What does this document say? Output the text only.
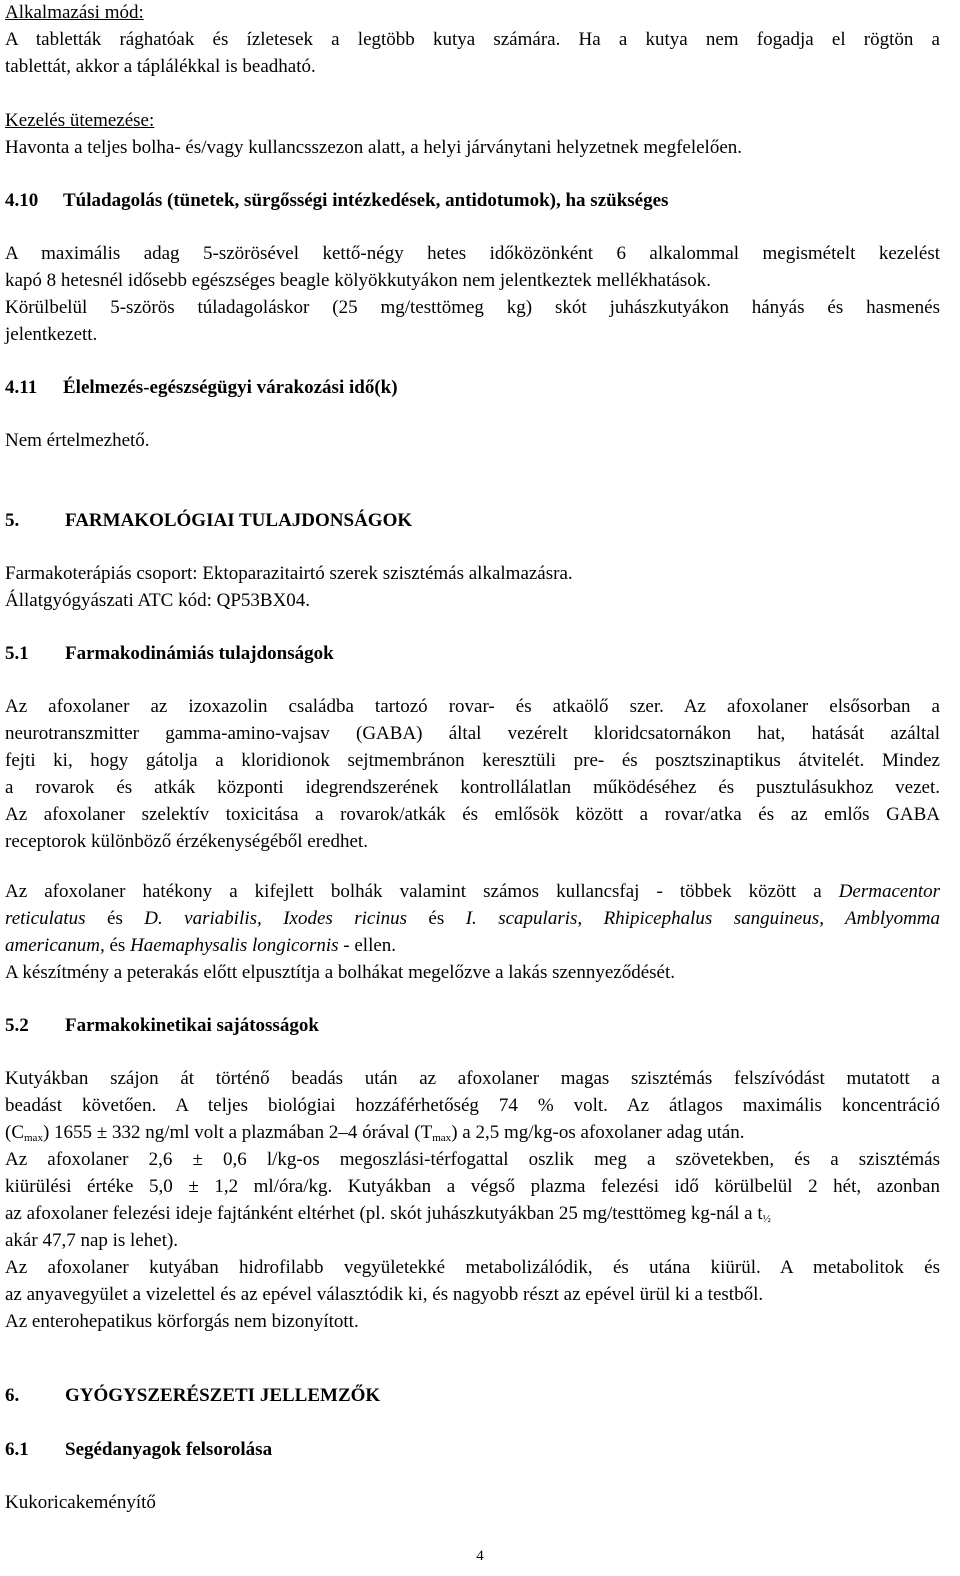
Alkalmazási mód:
A tabletták rághatóak és ízletesek a legtöbb kutya számára. Ha a kutya nem fogadja el rögtön a
tablettát, akkor a táplálékkal is beadható.
Kezelés ütemezése:
Havonta a teljes bolha- és/vagy kullancsszezon alatt, a helyi járványtani helyzetnek megfelelően.
4.10 Túladagolás (tünetek, sürgősségi intézkedések, antidotumok), ha szükséges
A maximális adag 5-szörösével kettő-négy hetes időközönként 6 alkalommal megismételt kezelést
kapó 8 hetesnél idősebb egészséges beagle kölyökkutyákon nem jelentkeztek mellékhatások.
Körülbelül 5-szörös túladagoláskor (25 mg/testtömeg kg) skót juhászkutyákon hányás és hasmenés
jelentkezett.
4.11 Élelmezés-egészségügyi várakozási idő(k)
Nem értelmezhető.
5. FARMAKOLÓGIAI TULAJDONSÁGOK
Farmakoterápiás csoport: Ektoparazitairtó szerek szisztémás alkalmazásra.
Állatgyógyászati ATC kód: QP53BX04.
5.1 Farmakodinámiás tulajdonságok
Az afoxolaner az izoxazolin családba tartozó rovar- és atkaölő szer. Az afoxolaner elsősorban a
neurotranszmitter gamma-amino-vajsav (GABA) által vezérelt kloridcsatornákon hat, hatását azáltal
fejti ki, hogy gátolja a kloridionok sejtmembránon keresztüli pre- és posztszinaptikus átvitelét. Mindez
a rovarok és atkák központi idegrendszerének kontrollálatlan működéséhez és pusztulásukhoz vezet.
Az afoxolaner szelektív toxicitása a rovarok/atkák és emlősök között a rovar/atka és az emlős GABA
receptorok különböző érzékenységéből eredhet.
Az afoxolaner hatékony a kifejlett bolhák valamint számos kullancsfaj - többek között a Dermacentor
reticulatus és D. variabilis, Ixodes ricinus és I. scapularis, Rhipicephalus sanguineus, Amblyomma
americanum, és Haemaphysalis longicornis - ellen.
A készítmény a peterakás előtt elpusztítja a bolhákat megelőzve a lakás szennyeződését.
5.2 Farmakokinetikai sajátosságok
Kutyákban szájon át történő beadás után az afoxolaner magas szisztémás felszívódást mutatott a
beadást követően. A teljes biológiai hozzáférhetőség 74 % volt. Az átlagos maximális koncentráció
$(C_{max}) 1655 \pm 332$ ng/ml volt a plazmában 2–4 órával $(T_{max})$ a 2,5 mg/kg-os afoxolaner adag után.
Az afoxolaner 2,6 ± 0,6 l/kg-os megoszlási-térfogattal oszlik meg a szövetekben, és a szisztémás
kiürülési értéke 5,0 ± 1,2 ml/óra/kg. Kutyákban a végső plazma felezési idő körülbelül 2 hét, azonban
az afoxolaner felezési ideje fajtánként eltérhet (pl. skót juhászkutyákban 25 mg/testtömeg kg-nál a $t_{\frac{1}{2}}$
akár 47,7 nap is lehet).
Az afoxolaner kutyában hidrofilabb vegyületekké metabolizálódik, és utána kiürül. A metabolitok és
az anyavegyület a vizelettel és az epével választódik ki, és nagyobb részt az epével ürül ki a testből.
Az enterohepatikus körforgás nem bizonyított.
6. GYÓGYSZERÉSZETI JELLEMZŐK
6.1 Segédanyagok felsorolása
Kukoricakeményítő
4
